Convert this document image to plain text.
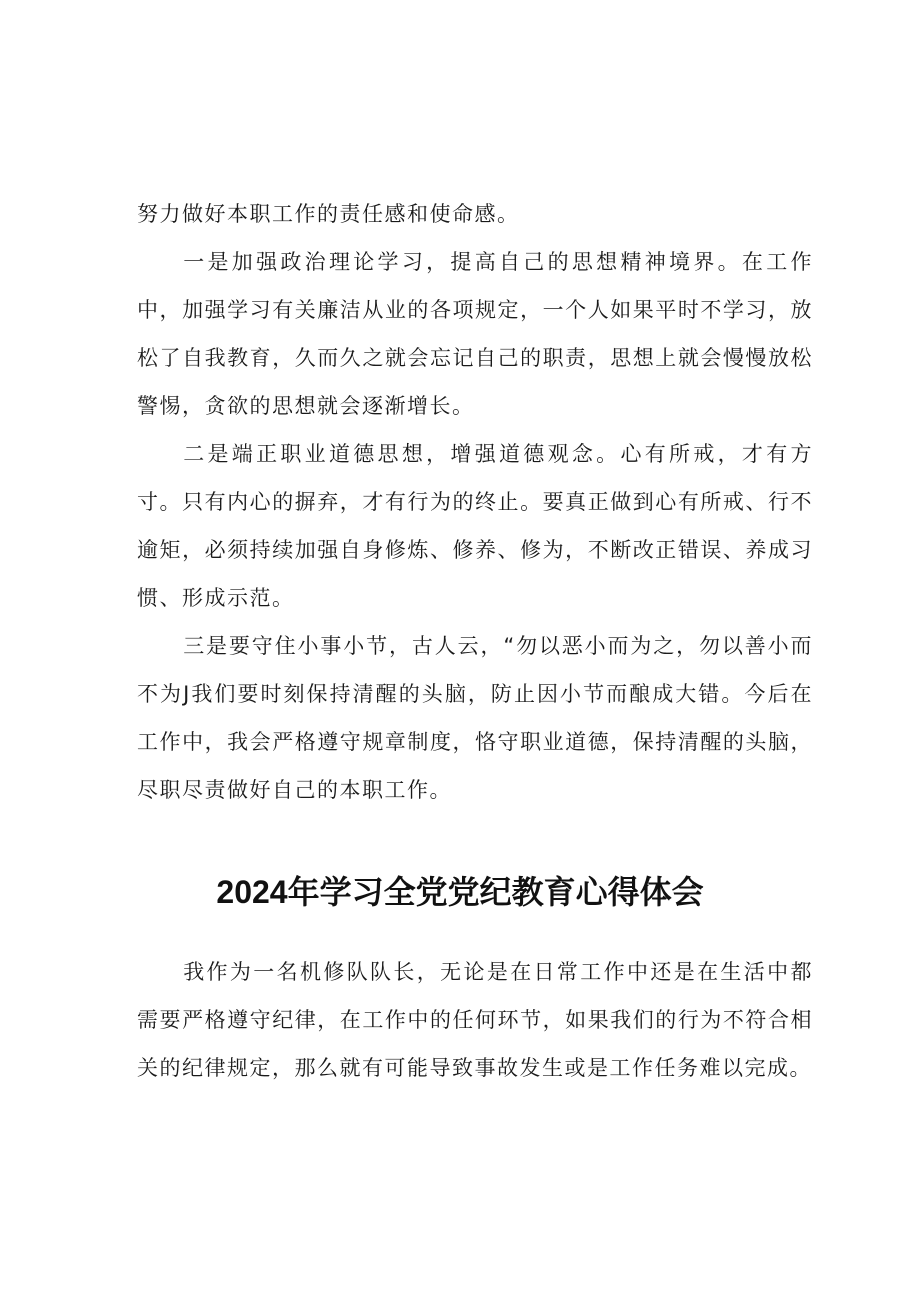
努力做好本职工作的责任感和使命感。

一是加强政治理论学习，提高自己的思想精神境界。在工作中，加强学习有关廉洁从业的各项规定，一个人如果平时不学习，放松了自我教育，久而久之就会忘记自己的职责，思想上就会慢慢放松警惕，贪欲的思想就会逐渐增长。

二是端正职业道德思想，增强道德观念。心有所戒，才有方寸。只有内心的摒弃，才有行为的终止。要真正做到心有所戒、行不逾矩，必须持续加强自身修炼、修养、修为，不断改正错误、养成习惯、形成示范。

三是要守住小事小节，古人云，“勿以恶小而为之，勿以善小而不为J我们要时刻保持清醒的头脑，防止因小节而酿成大错。今后在工作中，我会严格遵守规章制度，恪守职业道德，保持清醒的头脑，尽职尽责做好自己的本职工作。

2024年学习全党党纪教育心得体会

我作为一名机修队队长，无论是在日常工作中还是在生活中都需要严格遵守纪律，在工作中的任何环节，如果我们的行为不符合相关的纪律规定，那么就有可能导致事故发生或是工作任务难以完成。
